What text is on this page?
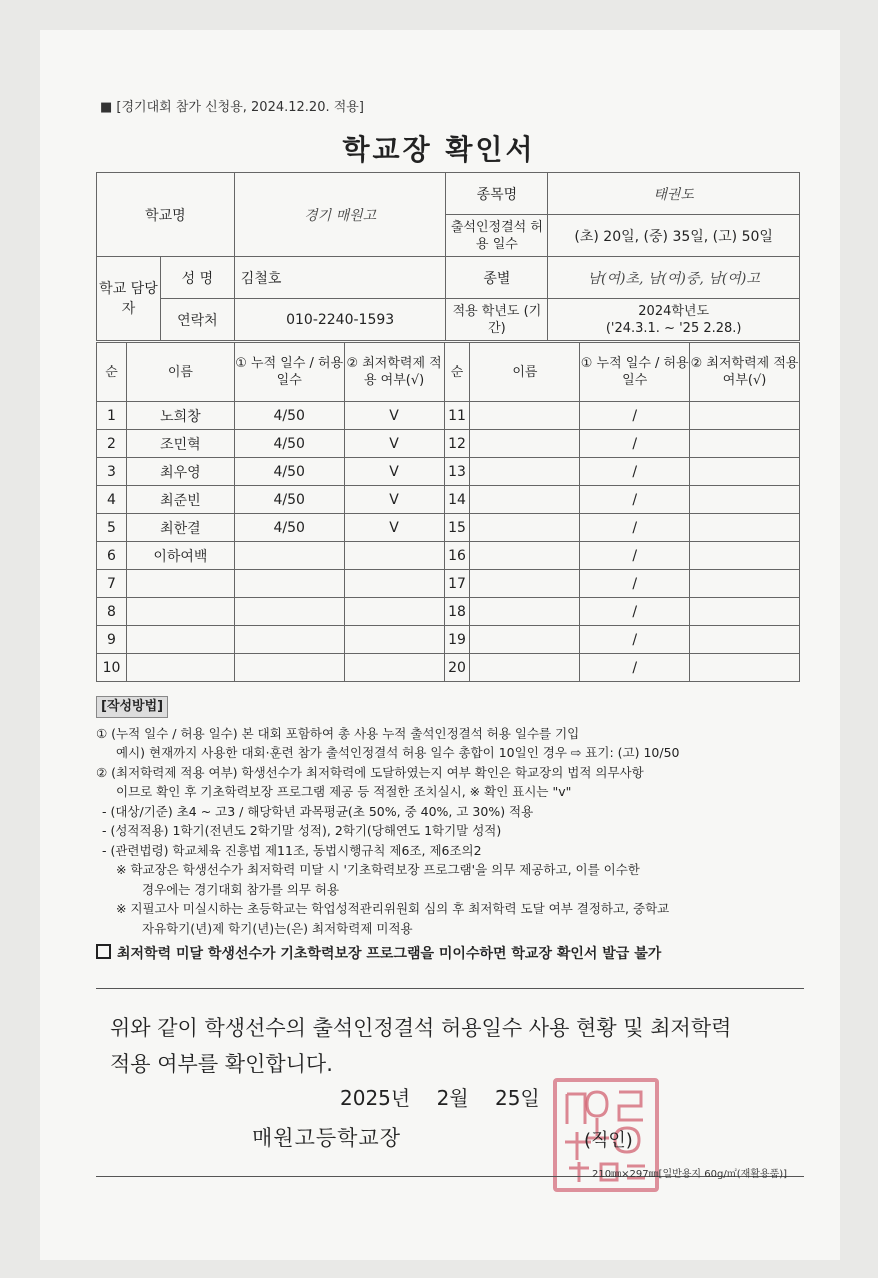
■ [경기대회 참가 신청용, 2024.12.20. 적용]
학교장 확인서
학교명		경기 매원고	종목명	태권도
			출석인정결석 허용 일수	(초) 20일, (중) 35일, (고) 50일
학교 담당자	성 명	김철호	종별	남(여)초, 남(여)중, 남(여)고
	연락처	010-2240-1593	적용 학년도 (기간)	2024학년도
('24.3.1. ~ '25 2.28.)
순	이름	① 누적 일수 / 허용 일수	② 최저학력제 적용 여부(√)	순	이름	① 누적 일수 / 허용 일수	② 최저학력제 적용 여부(√)
1	노희창	4/50	V	11		/	
2	조민혁	4/50	V	12		/	
3	최우영	4/50	V	13		/	
4	최준빈	4/50	V	14		/	
5	최한결	4/50	V	15		/	
6	이하여백			16		/	
7				17		/	
8				18		/	
9				19		/	
10				20		/	
[작성방법]
① (누적 일수 / 허용 일수) 본 대회 포함하여 총 사용 누적 출석인정결석 허용 일수를 기입
예시) 현재까지 사용한 대회·훈련 참가 출석인정결석 허용 일수 총합이 10일인 경우 ⇨ 표기: (고) 10/50
② (최저학력제 적용 여부) 학생선수가 최저학력에 도달하였는지 여부 확인은 학교장의 법적 의무사항
이므로 확인 후 기초학력보장 프로그램 제공 등 적절한 조치실시, ※ 확인 표시는 "v"
- (대상/기준) 초4 ~ 고3 / 해당학년 과목평균(초 50%, 중 40%, 고 30%) 적용
- (성적적용) 1학기(전년도 2학기말 성적), 2학기(당해연도 1학기말 성적)
- (관련법령) 학교체육 진흥법 제11조, 동법시행규칙 제6조, 제6조의2
※ 학교장은 학생선수가 최저학력 미달 시 '기초학력보장 프로그램'을 의무 제공하고, 이를 이수한
경우에는 경기대회 참가를 의무 허용
※ 지필고사 미실시하는 초등학교는 학업성적관리위원회 심의 후 최저학력 도달 여부 결정하고, 중학교
자유학기(년)제 학기(년)는(은) 최저학력제 미적용
최저학력 미달 학생선수가 기초학력보장 프로그램을 미이수하면 학교장 확인서 발급 불가
위와 같이 학생선수의 출석인정결석 허용일수 사용 현황 및 최저학력
적용 여부를 확인합니다.
2025년 2월 25일
매원고등학교장	(직인)
210㎜×297㎜[일반용지 60g/㎡(재활용품)]
